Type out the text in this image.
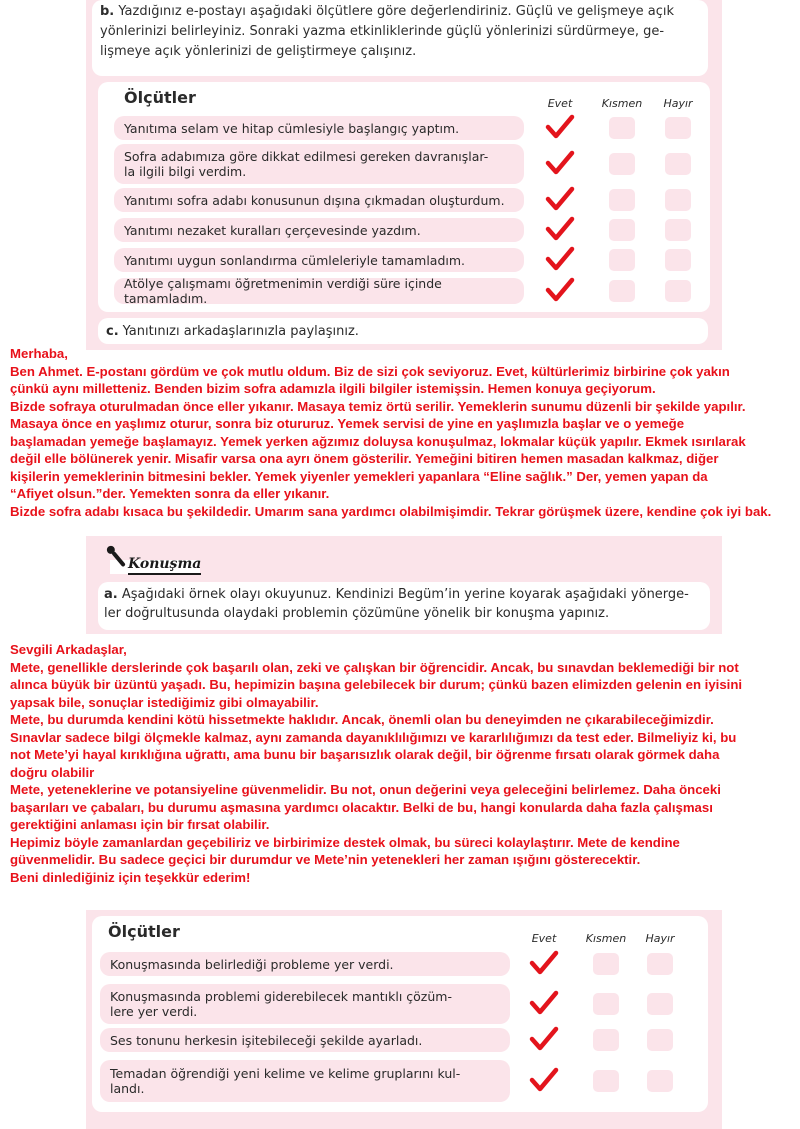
b. Yazdığınız e-postayı aşağıdaki ölçütlere göre değerlendiriniz. Güçlü ve gelişmeye açık
yönlerinizi belirleyiniz. Sonraki yazma etkinliklerinde güçlü yönlerinizi sürdürmeye, ge-
lişmeye açık yönlerinizi de geliştirmeye çalışınız.
Ölçütler	Evet	Kısmen	Hayır
Yanıtıma selam ve hitap cümlesiyle başlangıç yaptım.
Sofra adabımıza göre dikkat edilmesi gereken davranışlar-
la ilgili bilgi verdim.
Yanıtımı sofra adabı konusunun dışına çıkmadan oluşturdum.
Yanıtımı nezaket kuralları çerçevesinde yazdım.
Yanıtımı uygun sonlandırma cümleleriyle tamamladım.
Atölye çalışmamı öğretmenimin verdiği süre içinde tamamladım.
c. Yanıtınızı arkadaşlarınızla paylaşınız.

Merhaba,

Ben Ahmet. E-postanı gördüm ve çok mutlu oldum. Biz de sizi çok seviyoruz. Evet, kültürlerimiz birbirine çok yakın

çünkü aynı milletteniz. Benden bizim sofra adamızla ilgili bilgiler istemişsin. Hemen konuya geçiyorum.

Bizde sofraya oturulmadan önce eller yıkanır. Masaya temiz örtü serilir. Yemeklerin sunumu düzenli bir şekilde yapılır.

Masaya önce en yaşlımız oturur, sonra biz otururuz. Yemek servisi de yine en yaşlımızla başlar ve o yemeğe

başlamadan yemeğe başlamayız. Yemek yerken ağzımız doluysa konuşulmaz, lokmalar küçük yapılır. Ekmek ısırılarak

değil elle bölünerek yenir. Misafir varsa ona ayrı önem gösterilir. Yemeğini bitiren hemen masadan kalkmaz, diğer

kişilerin yemeklerinin bitmesini bekler. Yemek yiyenler yemekleri yapanlara “Eline sağlık.” Der, yemen yapan da

“Afiyet olsun.”der. Yemekten sonra da eller yıkanır.

Bizde sofra adabı kısaca bu şekildedir. Umarım sana yardımcı olabilmişimdir. Tekrar görüşmek üzere, kendine çok iyi bak.

Konuşma
a. Aşağıdaki örnek olayı okuyunuz. Kendinizi Begüm’in yerine koyarak aşağıdaki yönerge-
ler doğrultusunda olaydaki problemin çözümüne yönelik bir konuşma yapınız.

Sevgili Arkadaşlar,

Mete, genellikle derslerinde çok başarılı olan, zeki ve çalışkan bir öğrencidir. Ancak, bu sınavdan beklemediği bir not

alınca büyük bir üzüntü yaşadı. Bu, hepimizin başına gelebilecek bir durum; çünkü bazen elimizden gelenin en iyisini

yapsak bile, sonuçlar istediğimiz gibi olmayabilir.

Mete, bu durumda kendini kötü hissetmekte haklıdır. Ancak, önemli olan bu deneyimden ne çıkarabileceğimizdir.

Sınavlar sadece bilgi ölçmekle kalmaz, aynı zamanda dayanıklılığımızı ve kararlılığımızı da test eder. Bilmeliyiz ki, bu

not Mete’yi hayal kırıklığına uğrattı, ama bunu bir başarısızlık olarak değil, bir öğrenme fırsatı olarak görmek daha

doğru olabilir

Mete, yeteneklerine ve potansiyeline güvenmelidir. Bu not, onun değerini veya geleceğini belirlemez. Daha önceki

başarıları ve çabaları, bu durumu aşmasına yardımcı olacaktır. Belki de bu, hangi konularda daha fazla çalışması

gerektiğini anlaması için bir fırsat olabilir.

Hepimiz böyle zamanlardan geçebiliriz ve birbirimize destek olmak, bu süreci kolaylaştırır. Mete de kendine

güvenmelidir. Bu sadece geçici bir durumdur ve Mete’nin yetenekleri her zaman ışığını gösterecektir.

Beni dinlediğiniz için teşekkür ederim!

Ölçütler	Evet	Kısmen	Hayır
Konuşmasında belirlediği probleme yer verdi.
Konuşmasında problemi giderebilecek mantıklı çözüm-
lere yer verdi.
Ses tonunu herkesin işitebileceği şekilde ayarladı.
Temadan öğrendiği yeni kelime ve kelime gruplarını kul-
landı.
